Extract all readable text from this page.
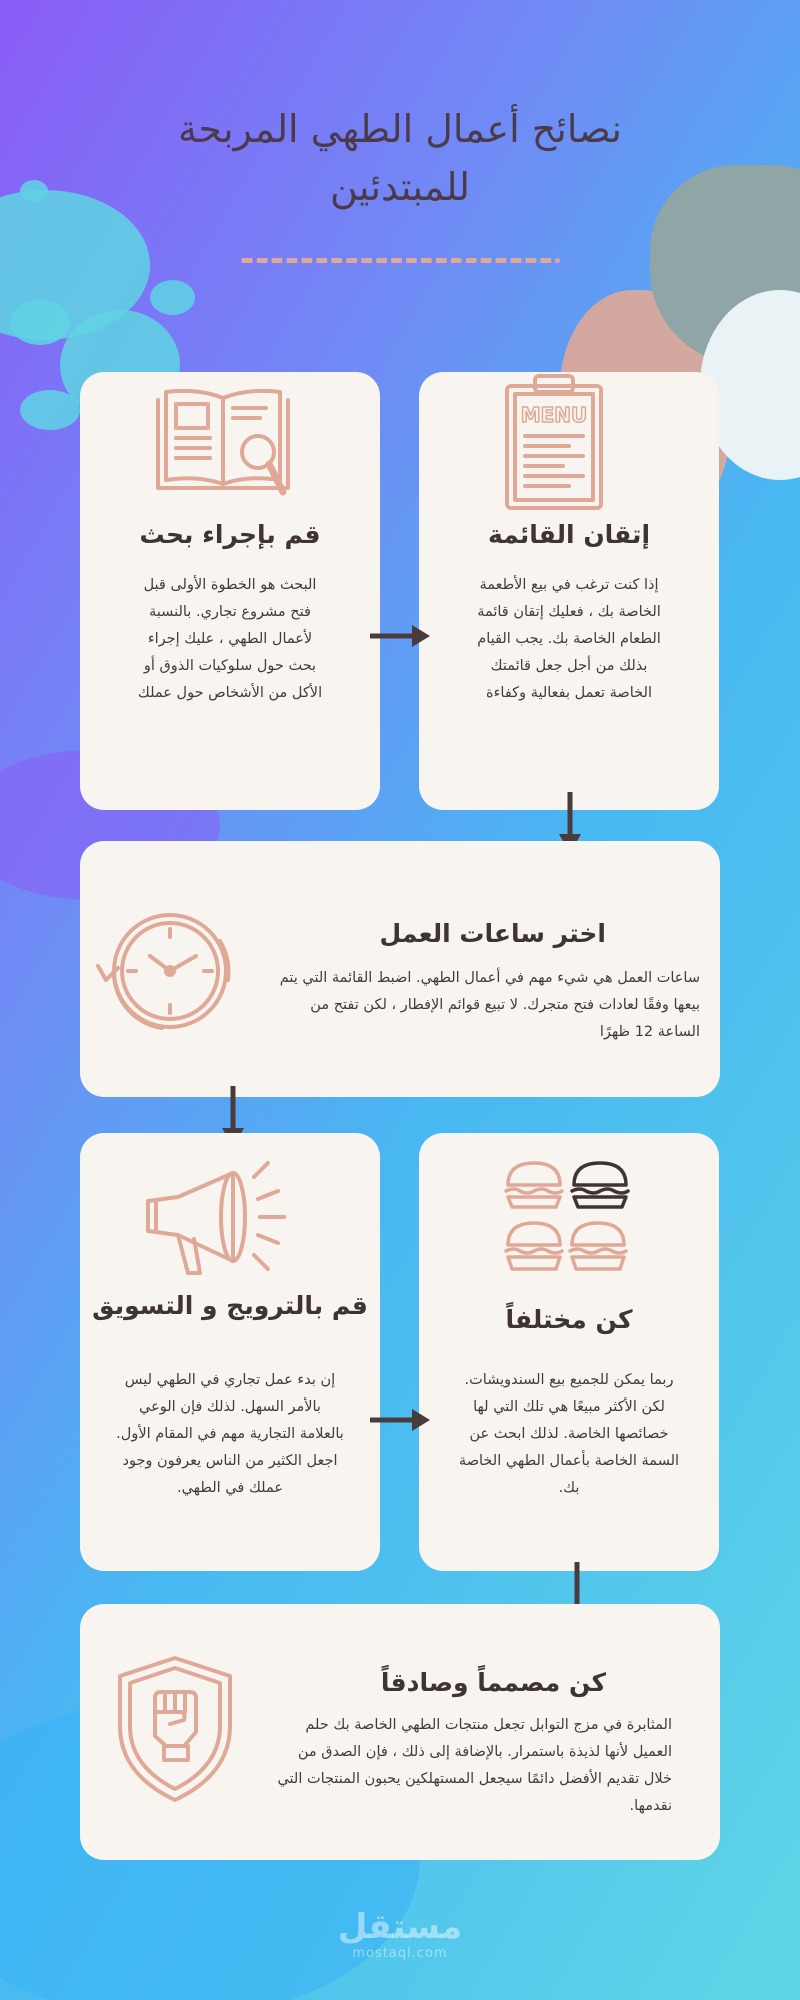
نصائح أعمال الطهي المربحة للمبتدئين
قم بإجراء بحث

البحث هو الخطوة الأولى قبل فتح مشروع تجاري. بالنسبة لأعمال الطهي ، عليك إجراء بحث حول سلوكيات الذوق أو الأكل من الأشخاص حول عملك

MENU
إتقان القائمة

إذا كنت ترغب في بيع الأطعمة الخاصة بك ، فعليك إتقان قائمة الطعام الخاصة بك. يجب القيام بذلك من أجل جعل قائمتك الخاصة تعمل بفعالية وكفاءة

اختر ساعات العمل

ساعات العمل هي شيء مهم في أعمال الطهي. اضبط القائمة التي يتم بيعها وفقًا لعادات فتح متجرك. لا تبيع قوائم الإفطار ، لكن تفتح من الساعة 12 ظهرًا

قم بالترويج و التسويق

إن بدء عمل تجاري في الطهي ليس بالأمر السهل. لذلك فإن الوعي بالعلامة التجارية مهم في المقام الأول. اجعل الكثير من الناس يعرفون وجود عملك في الطهي.

كن مختلفاً

ربما يمكن للجميع بيع السندويشات. لكن الأكثر مبيعًا هي تلك التي لها خصائصها الخاصة. لذلك ابحث عن السمة الخاصة بأعمال الطهي الخاصة بك.

كن مصمماً وصادقاً

المثابرة في مزج التوابل تجعل منتجات الطهي الخاصة بك حلم العميل لأنها لذيذة باستمرار. بالإضافة إلى ذلك ، فإن الصدق من خلال تقديم الأفضل دائمًا سيجعل المستهلكين يحبون المنتجات التي نقدمها.

مستقل
mostaql.com
